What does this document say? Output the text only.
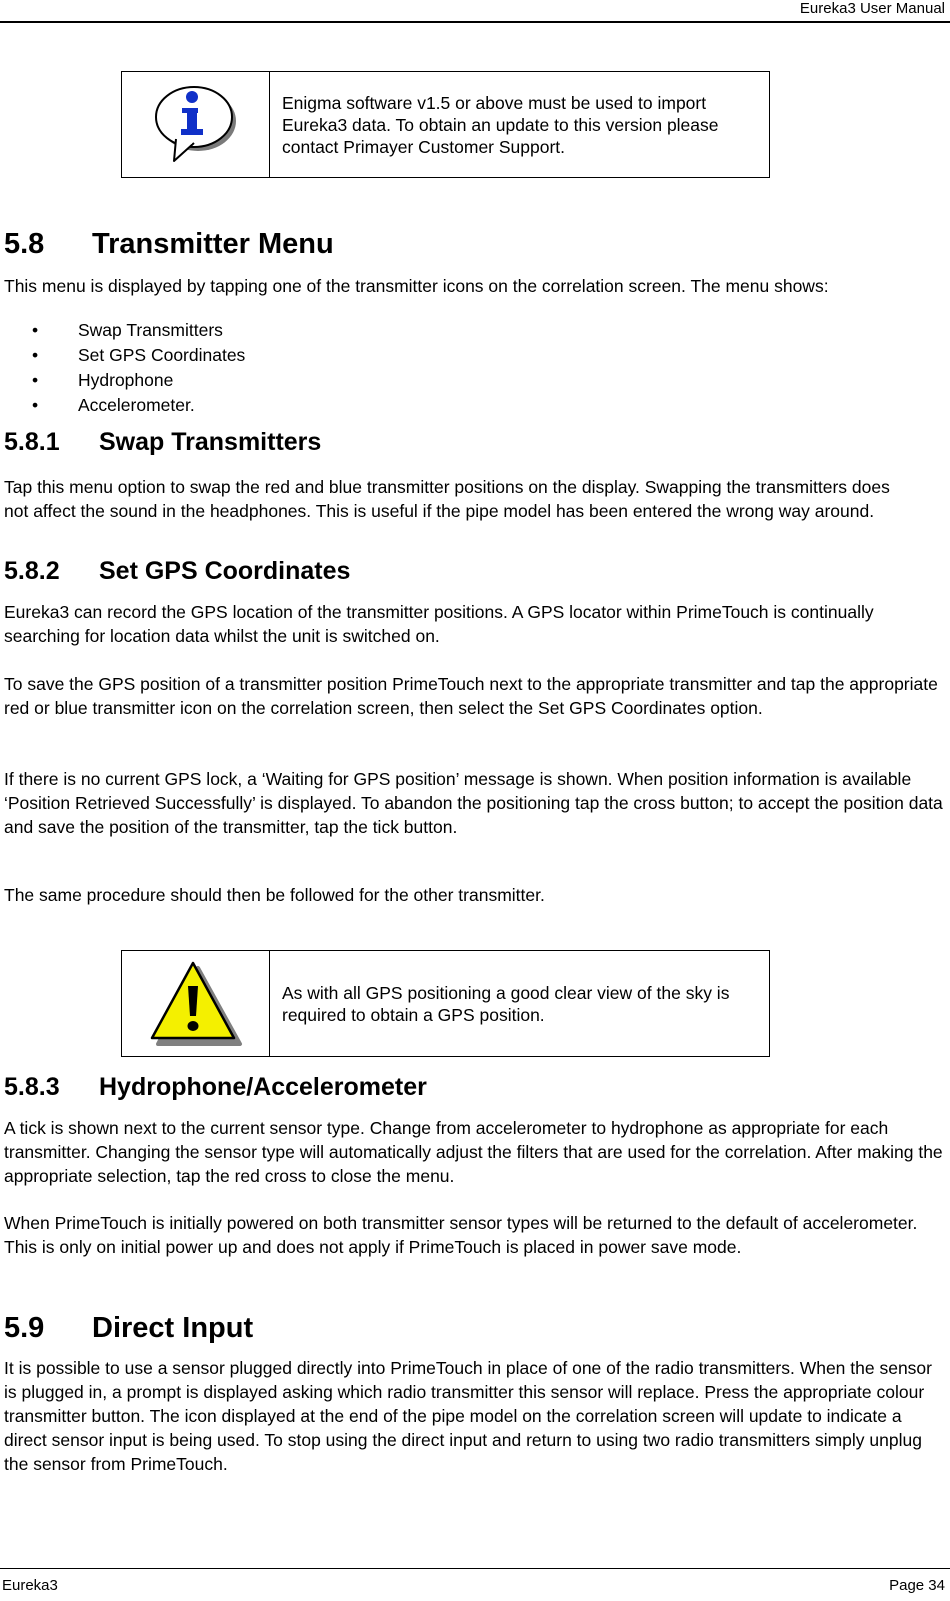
Eureka3 User Manual
Enigma software v1.5 or above must be used to import Eureka3 data. To obtain an update to this version please contact Primayer Customer Support.
5.8 Transmitter Menu
This menu is displayed by tapping one of the transmitter icons on the correlation screen. The menu shows:
• Swap Transmitters
• Set GPS Coordinates
• Hydrophone
• Accelerometer.
5.8.1 Swap Transmitters
Tap this menu option to swap the red and blue transmitter positions on the display. Swapping the transmitters does not affect the sound in the headphones. This is useful if the pipe model has been entered the wrong way around.
5.8.2 Set GPS Coordinates
Eureka3 can record the GPS location of the transmitter positions. A GPS locator within PrimeTouch is continually searching for location data whilst the unit is switched on.
To save the GPS position of a transmitter position PrimeTouch next to the appropriate transmitter and tap the appropriate red or blue transmitter icon on the correlation screen, then select the Set GPS Coordinates option.
If there is no current GPS lock, a ‘Waiting for GPS position’ message is shown. When position information is available ‘Position Retrieved Successfully’ is displayed. To abandon the positioning tap the cross button; to accept the position data and save the position of the transmitter, tap the tick button.
The same procedure should then be followed for the other transmitter.
As with all GPS positioning a good clear view of the sky is required to obtain a GPS position.
5.8.3 Hydrophone/Accelerometer
A tick is shown next to the current sensor type. Change from accelerometer to hydrophone as appropriate for each transmitter. Changing the sensor type will automatically adjust the filters that are used for the correlation. After making the appropriate selection, tap the red cross to close the menu.
When PrimeTouch is initially powered on both transmitter sensor types will be returned to the default of accelerometer. This is only on initial power up and does not apply if PrimeTouch is placed in power save mode.
5.9 Direct Input
It is possible to use a sensor plugged directly into PrimeTouch in place of one of the radio transmitters. When the sensor is plugged in, a prompt is displayed asking which radio transmitter this sensor will replace. Press the appropriate colour transmitter button. The icon displayed at the end of the pipe model on the correlation screen will update to indicate a direct sensor input is being used. To stop using the direct input and return to using two radio transmitters simply unplug the sensor from PrimeTouch.
Eureka3	Page 34
